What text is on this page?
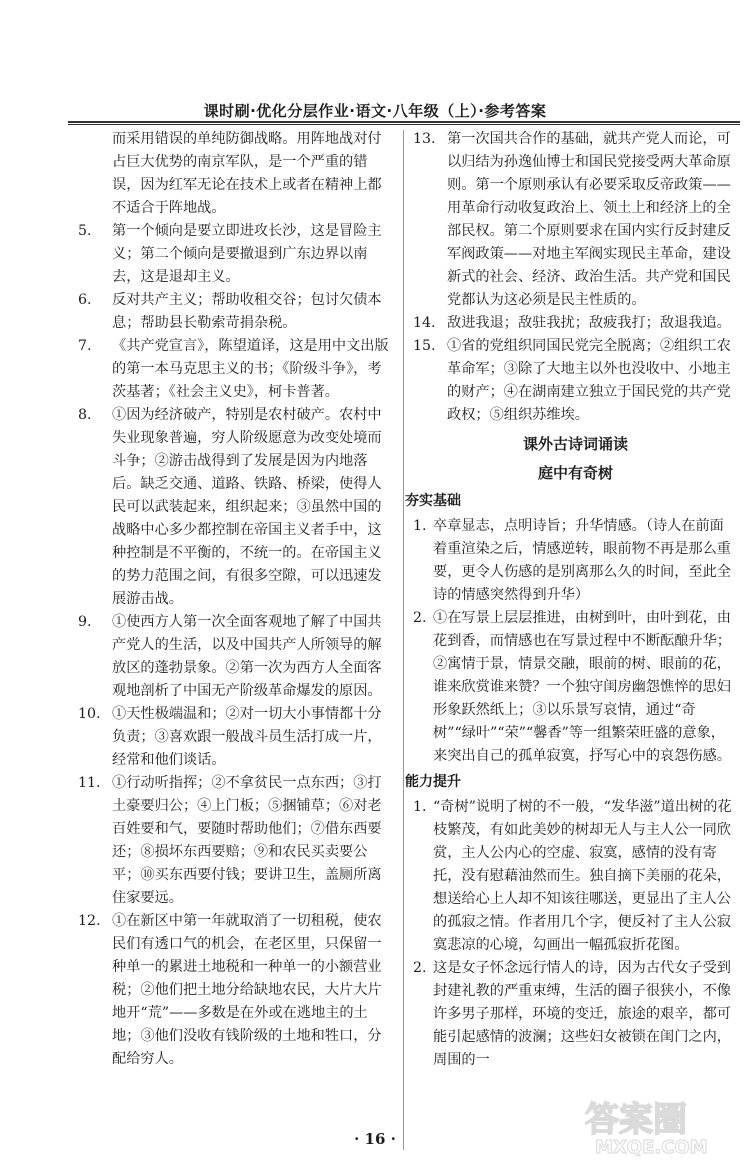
课时刷·优化分层作业·语文·八年级（上）·参考答案

而采用错误的单纯防御战略。用阵地战对付占巨大优势的南京军队，是一个严重的错误，因为红军无论在技术上或者在精神上都不适合于阵地战。

5.	第一个倾向是要立即进攻长沙，这是冒险主义；第二个倾向是要撤退到广东边界以南去，这是退却主义。

6.	反对共产主义；帮助收租交谷；包讨欠债本息；帮助县长勒索苛捐杂税。

7.	《共产党宣言》，陈望道译，这是用中文出版的第一本马克思主义的书；《阶级斗争》，考茨基著；《社会主义史》，柯卡普著。

8.	①因为经济破产，特别是农村破产。农村中失业现象普遍，穷人阶级愿意为改变处境而斗争；②游击战得到了发展是因为内地落后。缺乏交通、道路、铁路、桥梁，使得人民可以武装起来，组织起来；③虽然中国的战略中心多少都控制在帝国主义者手中，这种控制是不平衡的，不统一的。在帝国主义的势力范围之间，有很多空隙，可以迅速发展游击战。

9.	①使西方人第一次全面客观地了解了中国共产党人的生活，以及中国共产人所领导的解放区的蓬勃景象。②第一次为西方人全面客观地剖析了中国无产阶级革命爆发的原因。

10. ①天性极端温和；②对一切大小事情都十分负责；③喜欢跟一般战斗员生活打成一片，经常和他们谈话。

11. ①行动听指挥；②不拿贫民一点东西；③打土豪要归公；④上门板；⑤捆铺草；⑥对老百姓要和气，要随时帮助他们；⑦借东西要还；⑧损坏东西要赔；⑨和农民买卖要公平；⑩买东西要付钱；要讲卫生，盖厕所离住家要远。

12. ①在新区中第一年就取消了一切租税，使农民们有透口气的机会，在老区里，只保留一种单一的累进土地税和一种单一的小额营业税；②他们把土地分给缺地农民，大片大片地开“荒”——多数是在外或在逃地主的土地；③他们没收有钱阶级的土地和牲口，分配给穷人。

13. 第一次国共合作的基础，就共产党人而论，可以归结为孙逸仙博士和国民党接受两大革命原则。第一个原则承认有必要采取反帝政策——用革命行动收复政治上、领土上和经济上的全部民权。第二个原则要求在国内实行反封建反军阀政策——对地主军阀实现民主革命，建设新式的社会、经济、政治生活。共产党和国民党都认为这必须是民主性质的。

14. 敌进我退；敌驻我扰；敌疲我打；敌退我追。

15. ①省的党组织同国民党完全脱离；②组织工农革命军；③除了大地主以外也没收中、小地主的财产；④在湖南建立独立于国民党的共产党政权；⑤组织苏维埃。

课外古诗词诵读
庭中有奇树
夯实基础

1. 卒章显志，点明诗旨；升华情感。（诗人在前面着重渲染之后，情感逆转，眼前物不再是那么重要，更令人伤感的是别离那么久的时间，至此全诗的情感突然得到升华）

2. ①在写景上层层推进，由树到叶，由叶到花，由花到香，而情感也在写景过程中不断酝酿升华；②寓情于景，情景交融，眼前的树、眼前的花，谁来欣赏谁来赞？一个独守闺房幽怨憔悴的思妇形象跃然纸上；③以乐景写哀情，通过“奇树”“绿叶”“荣”“馨香”等一组繁荣旺盛的意象，来突出自己的孤单寂寞，抒写心中的哀怨伤感。

能力提升

1. “奇树”说明了树的不一般，“发华滋”道出树的花枝繁茂，有如此美妙的树却无人与主人公一同欣赏，主人公内心的空虚、寂寞，感情的没有寄托，没有慰藉油然而生。独自摘下美丽的花朵，想送给心上人却不知该往哪送，更显出了主人公的孤寂之情。作者用几个字，便反衬了主人公寂寞悲凉的心境，勾画出一幅孤寂折花图。

2. 这是女子怀念远行情人的诗，因为古代女子受到封建礼教的严重束缚，生活的圈子很狭小，不像许多男子那样，环境的变迁，旅途的艰辛，都可能引起感情的波澜；这些妇女被锁在闺门之内，周围的一

· 16 ·	答案圈
MXQE.COM
